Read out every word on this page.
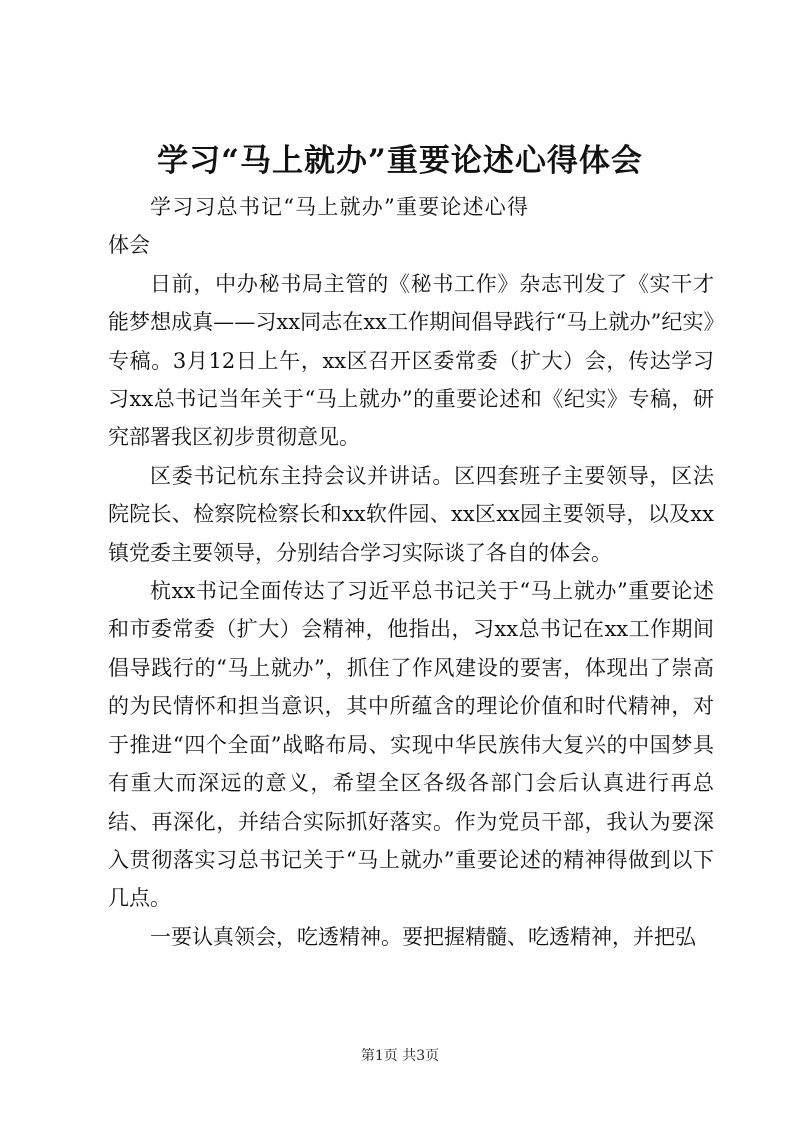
学习“马上就办”重要论述心得体会

学习习总书记“马上就办”重要论述心得体会

日前，中办秘书局主管的《秘书工作》杂志刊发了《实干才能梦想成真——习xx同志在xx工作期间倡导践行“马上就办”纪实》专稿。3月12日上午，xx区召开区委常委（扩大）会，传达学习习xx总书记当年关于“马上就办”的重要论述和《纪实》专稿，研究部署我区初步贯彻意见。

区委书记杭东主持会议并讲话。区四套班子主要领导，区法院院长、检察院检察长和xx软件园、xx区xx园主要领导，以及xx镇党委主要领导，分别结合学习实际谈了各自的体会。

杭xx书记全面传达了习近平总书记关于“马上就办”重要论述和市委常委（扩大）会精神，他指出，习xx总书记在xx工作期间倡导践行的“马上就办”，抓住了作风建设的要害，体现出了崇高的为民情怀和担当意识，其中所蕴含的理论价值和时代精神，对于推进“四个全面”战略布局、实现中华民族伟大复兴的中国梦具有重大而深远的意义，希望全区各级各部门会后认真进行再总结、再深化，并结合实际抓好落实。作为党员干部，我认为要深入贯彻落实习总书记关于“马上就办”重要论述的精神得做到以下几点。

一要认真领会，吃透精神。要把握精髓、吃透精神，并把弘

第1页 共3页
